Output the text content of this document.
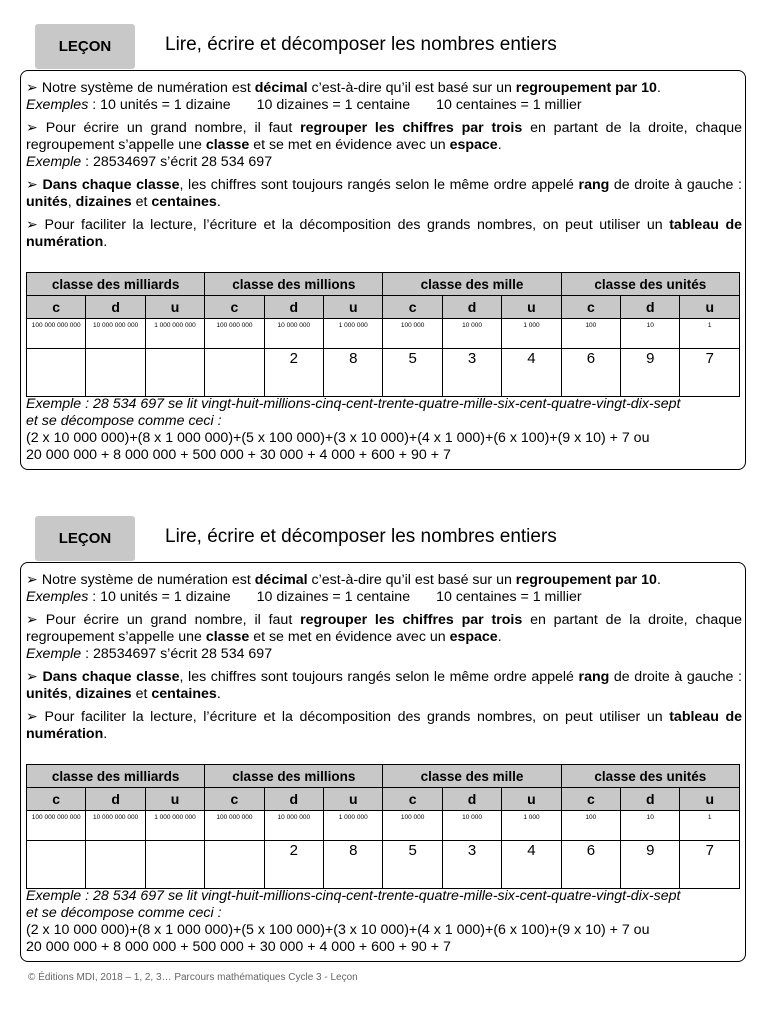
LEÇON	Lire, écrire et décomposer les nombres entiers

➢ Notre système de numération est décimal c’est-à-dire qu’il est basé sur un regroupement par 10.
Exemples : 10 unités = 1 dizaine 10 dizaines = 1 centaine 10 centaines = 1 millier

➢ Pour écrire un grand nombre, il faut regrouper les chiffres par trois en partant de la droite, chaque regroupement s’appelle une classe et se met en évidence avec un espace.
Exemple : 28534697 s’écrit 28 534 697

➢ Dans chaque classe, les chiffres sont toujours rangés selon le même ordre appelé rang de droite à gauche : unités, dizaines et centaines.

➢ Pour faciliter la lecture, l’écriture et la décomposition des grands nombres, on peut utiliser un tableau de numération.

classe des milliards			classe des millions			classe des mille			classe des unités		
c	d	u	c	d	u	c	d	u	c	d	u
100 000 000 000	10 000 000 000	1 000 000 000	100 000 000	10 000 000	1 000 000	100 000	10 000	1 000	100	10	1
				2	8	5	3	4	6	9	7
Exemple : 28 534 697 se lit vingt-huit-millions-cinq-cent-trente-quatre-mille-six-cent-quatre-vingt-dix-sept
et se décompose comme ceci :
(2 x 10 000 000)+(8 x 1 000 000)+(5 x 100 000)+(3 x 10 000)+(4 x 1 000)+(6 x 100)+(9 x 10) + 7 ou
20 000 000 + 8 000 000 + 500 000 + 30 000 + 4 000 + 600 + 90 + 7
LEÇON	Lire, écrire et décomposer les nombres entiers

➢ Notre système de numération est décimal c’est-à-dire qu’il est basé sur un regroupement par 10.
Exemples : 10 unités = 1 dizaine 10 dizaines = 1 centaine 10 centaines = 1 millier

➢ Pour écrire un grand nombre, il faut regrouper les chiffres par trois en partant de la droite, chaque regroupement s’appelle une classe et se met en évidence avec un espace.
Exemple : 28534697 s’écrit 28 534 697

➢ Dans chaque classe, les chiffres sont toujours rangés selon le même ordre appelé rang de droite à gauche : unités, dizaines et centaines.

➢ Pour faciliter la lecture, l’écriture et la décomposition des grands nombres, on peut utiliser un tableau de numération.

classe des milliards			classe des millions			classe des mille			classe des unités		
c	d	u	c	d	u	c	d	u	c	d	u
100 000 000 000	10 000 000 000	1 000 000 000	100 000 000	10 000 000	1 000 000	100 000	10 000	1 000	100	10	1
				2	8	5	3	4	6	9	7
Exemple : 28 534 697 se lit vingt-huit-millions-cinq-cent-trente-quatre-mille-six-cent-quatre-vingt-dix-sept
et se décompose comme ceci :
(2 x 10 000 000)+(8 x 1 000 000)+(5 x 100 000)+(3 x 10 000)+(4 x 1 000)+(6 x 100)+(9 x 10) + 7 ou
20 000 000 + 8 000 000 + 500 000 + 30 000 + 4 000 + 600 + 90 + 7
© Éditions MDI, 2018 – 1, 2, 3… Parcours mathématiques Cycle 3 - Leçon
